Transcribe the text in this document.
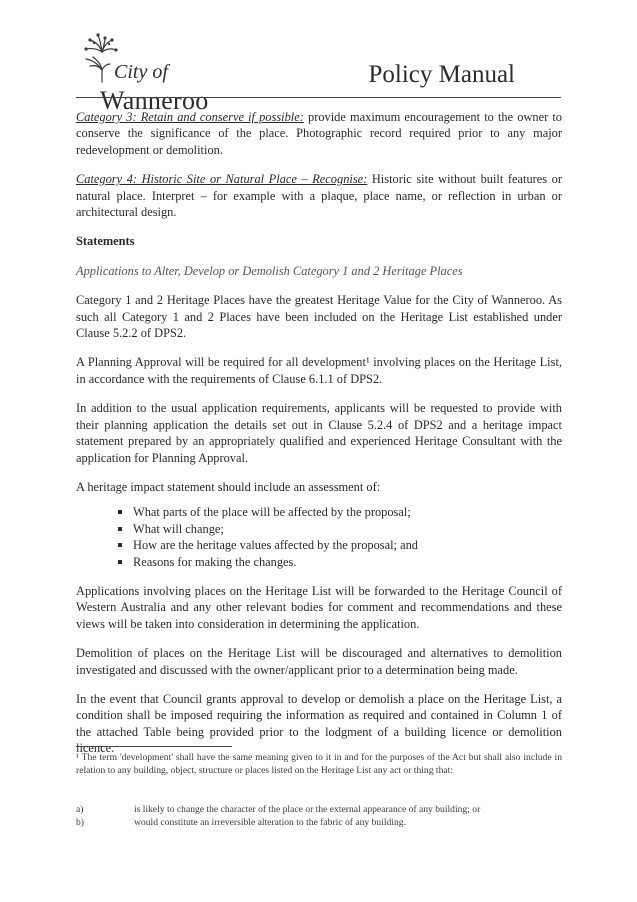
City of
Wanneroo
Policy Manual

Category 3: Retain and conserve if possible: provide maximum encouragement to the owner to conserve the significance of the place. Photographic record required prior to any major redevelopment or demolition.

Category 4: Historic Site or Natural Place – Recognise: Historic site without built features or natural place. Interpret – for example with a plaque, place name, or reflection in urban or architectural design.

Statements

Applications to Alter, Develop or Demolish Category 1 and 2 Heritage Places

Category 1 and 2 Heritage Places have the greatest Heritage Value for the City of Wanneroo. As such all Category 1 and 2 Places have been included on the Heritage List established under Clause 5.2.2 of DPS2.

A Planning Approval will be required for all development¹ involving places on the Heritage List, in accordance with the requirements of Clause 6.1.1 of DPS2.

In addition to the usual application requirements, applicants will be requested to provide with their planning application the details set out in Clause 5.2.4 of DPS2 and a heritage impact statement prepared by an appropriately qualified and experienced Heritage Consultant with the application for Planning Approval.

A heritage impact statement should include an assessment of:

What parts of the place will be affected by the proposal;
What will change;
How are the heritage values affected by the proposal; and
Reasons for making the changes.

Applications involving places on the Heritage List will be forwarded to the Heritage Council of Western Australia and any other relevant bodies for comment and recommendations and these views will be taken into consideration in determining the application.

Demolition of places on the Heritage List will be discouraged and alternatives to demolition investigated and discussed with the owner/applicant prior to a determination being made.

In the event that Council grants approval to develop or demolish a place on the Heritage List, a condition shall be imposed requiring the information as required and contained in Column 1 of the attached Table being provided prior to the lodgment of a building licence or demolition licence.

¹ The term 'development' shall have the same meaning given to it in and for the purposes of the Act but shall also include in relation to any building, object, structure or places listed on the Heritage List any act or thing that:
a)	is likely to change the character of the place or the external appearance of any building; or
b)	would constitute an irreversible alteration to the fabric of any building.
